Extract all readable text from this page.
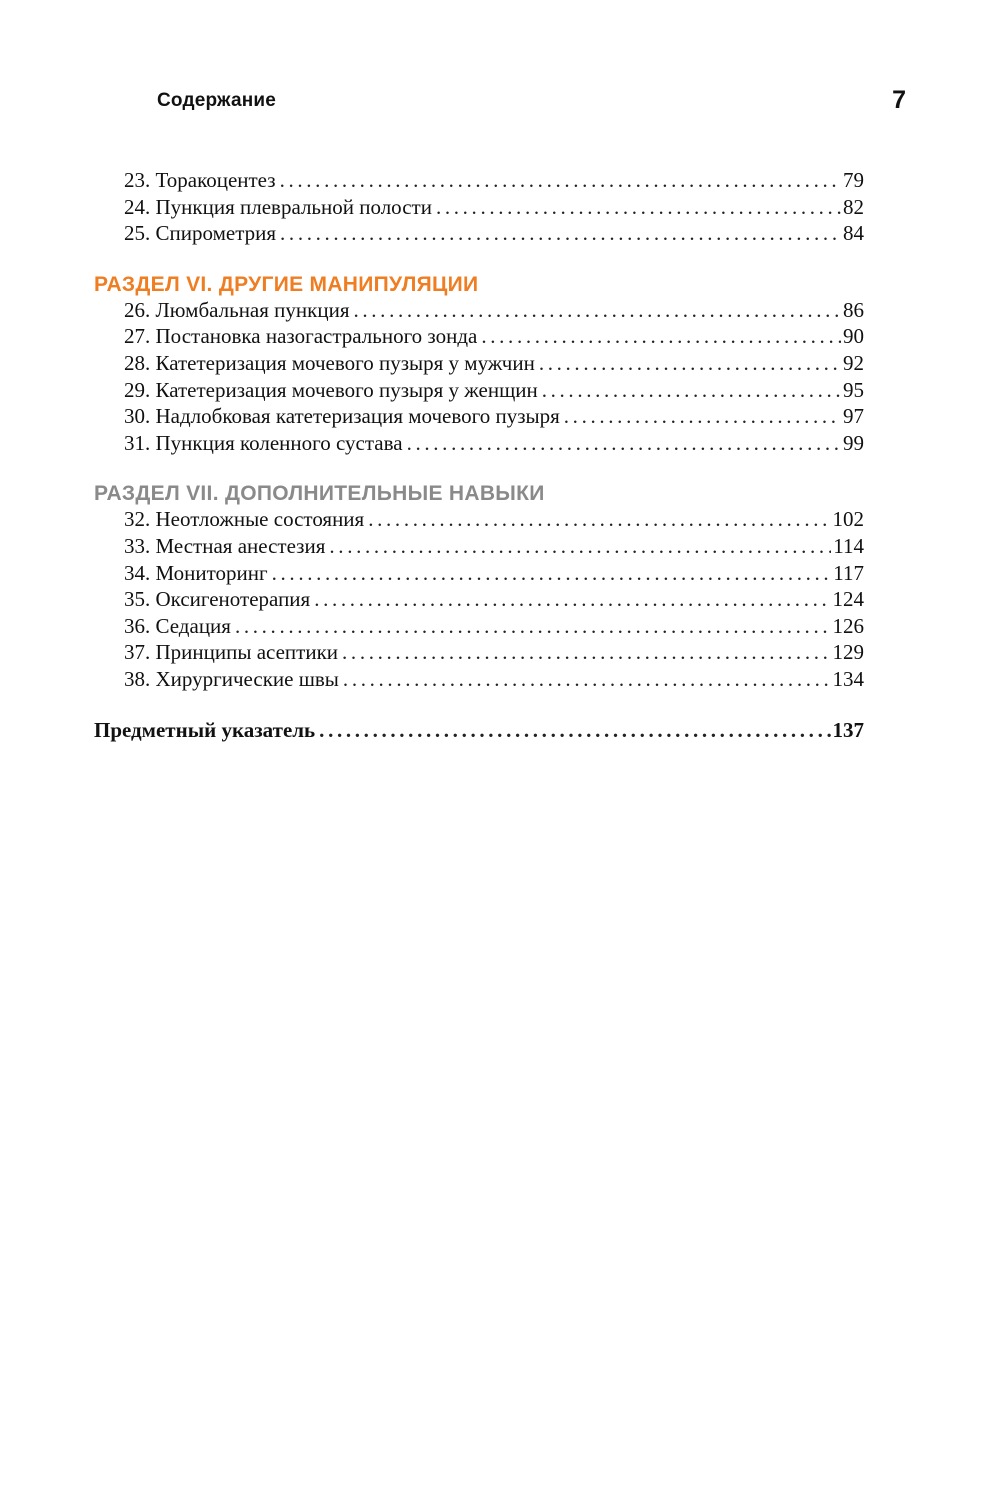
Содержание	7
23. Торакоцентез . . .	79
24. Пункция плевральной полости . . .	82
25. Спирометрия . . .	84
РАЗДЕЛ VI. ДРУГИЕ МАНИПУЛЯЦИИ
26. Люмбальная пункция . . .	86
27. Постановка назогастрального зонда . . .	90
28. Катетеризация мочевого пузыря у мужчин . . .	92
29. Катетеризация мочевого пузыря у женщин . . .	95
30. Надлобковая катетеризация мочевого пузыря . . .	97
31. Пункция коленного сустава . . .	99
РАЗДЕЛ VII. ДОПОЛНИТЕЛЬНЫЕ НАВЫКИ
32. Неотложные состояния . . .	102
33. Местная анестезия . . .	114
34. Мониторинг . . .	117
35. Оксигенотерапия . . .	124
36. Седация . . .	126
37. Принципы асептики . . .	129
38. Хирургические швы . . .	134
Предметный указатель . . .	137
